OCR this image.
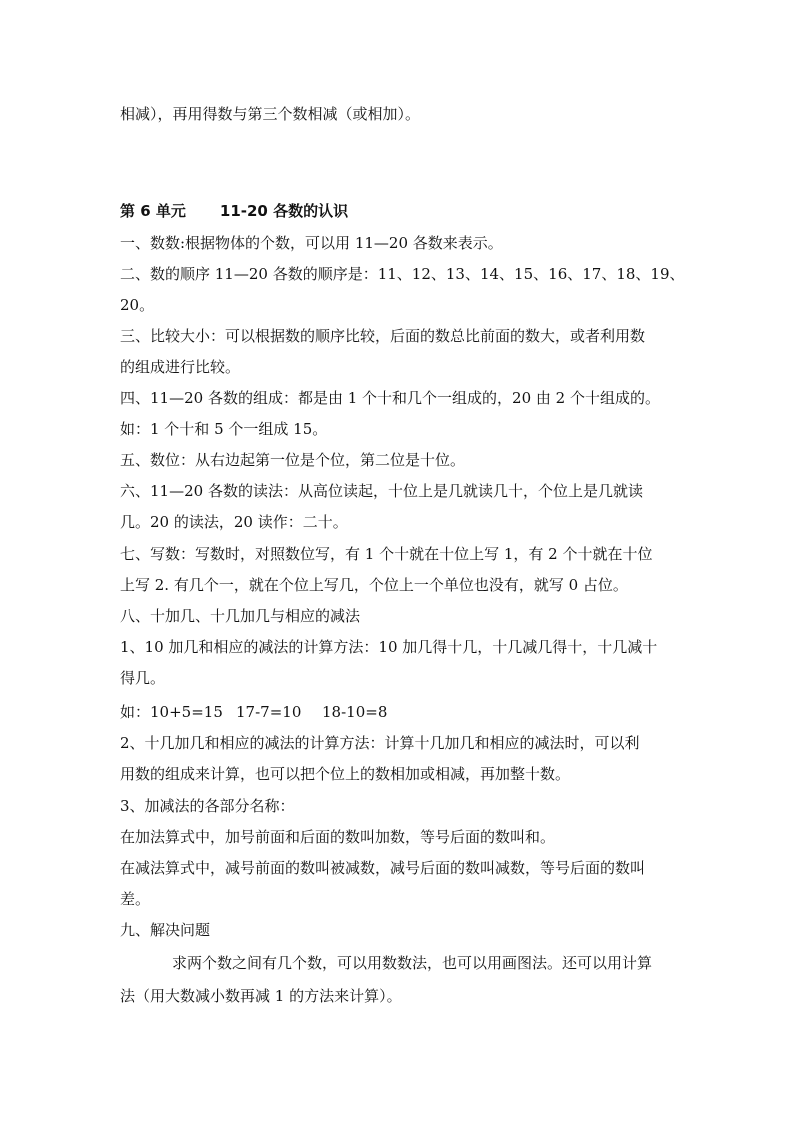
相减），再用得数与第三个数相减（或相加）。
第 6 单元 11-20 各数的认识
一、数数:根据物体的个数，可以用 11—20 各数来表示。
二、数的顺序 11—20 各数的顺序是：11、12、13、14、15、16、17、18、19、
20。
三、比较大小：可以根据数的顺序比较，后面的数总比前面的数大，或者利用数
的组成进行比较。
四、11—20 各数的组成：都是由 1 个十和几个一组成的，20 由 2 个十组成的。
如：1 个十和 5 个一组成 15。
五、数位：从右边起第一位是个位，第二位是十位。
六、11—20 各数的读法：从高位读起，十位上是几就读几十，个位上是几就读
几。20 的读法，20 读作：二十。
七、写数：写数时，对照数位写，有 1 个十就在十位上写 1，有 2 个十就在十位
上写 2. 有几个一，就在个位上写几，个位上一个单位也没有，就写 0 占位。
八、十加几、十几加几与相应的减法
1、10 加几和相应的减法的计算方法：10 加几得十几，十几减几得十，十几减十
得几。
如：10+5=15 17-7=10 18-10=8
2、十几加几和相应的减法的计算方法：计算十几加几和相应的减法时，可以利
用数的组成来计算，也可以把个位上的数相加或相减，再加整十数。
3、加减法的各部分名称：
在加法算式中，加号前面和后面的数叫加数，等号后面的数叫和。
在减法算式中，减号前面的数叫被减数，减号后面的数叫减数，等号后面的数叫
差。
九、解决问题
求两个数之间有几个数，可以用数数法，也可以用画图法。还可以用计算
法（用大数减小数再减 1 的方法来计算）。
